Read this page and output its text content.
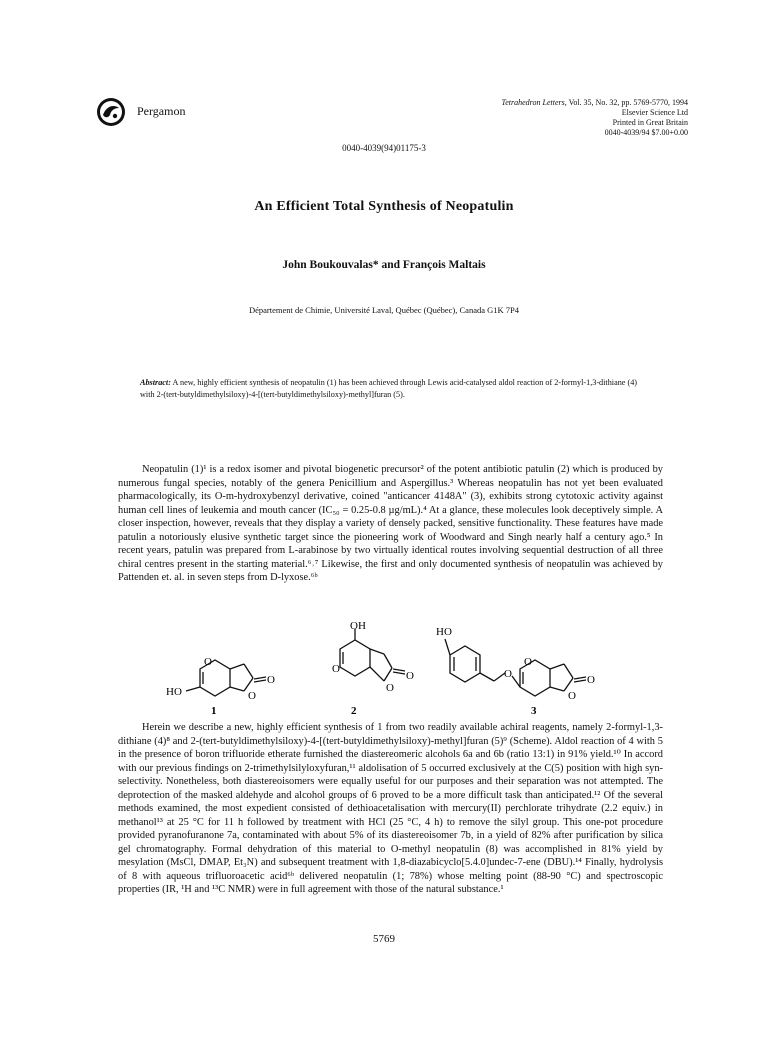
Pergamon
Tetrahedron Letters, Vol. 35, No. 32, pp. 5769-5770, 1994
Elsevier Science Ltd
Printed in Great Britain
0040-4039/94 $7.00+0.00
0040-4039(94)01175-3
An Efficient Total Synthesis of Neopatulin
John Boukouvalas* and François Maltais
Département de Chimie, Université Laval, Québec (Québec), Canada G1K 7P4
Abstract: A new, highly efficient synthesis of neopatulin (1) has been achieved through Lewis acid-catalysed aldol reaction of 2-formyl-1,3-dithiane (4) with 2-(tert-butyldimethylsiloxy)-4-[(tert-butyldimethylsiloxy)-methyl]furan (5).
Neopatulin (1)¹ is a redox isomer and pivotal biogenetic precursor² of the potent antibiotic patulin (2) which is produced by numerous fungal species, notably of the genera Penicillium and Aspergillus.³ Whereas neopatulin has not yet been evaluated pharmacologically, its O-m-hydroxybenzyl derivative, coined "anticancer 4148A" (3), exhibits strong cytotoxic activity against human cell lines of leukemia and mouth cancer (IC₅₀ = 0.25-0.8 µg/mL).⁴ At a glance, these molecules look deceptively simple. A closer inspection, however, reveals that they display a variety of densely packed, sensitive functionality. These features have made patulin a notoriously elusive synthetic target since the pioneering work of Woodward and Singh nearly half a century ago.⁵ In recent years, patulin was prepared from L-arabinose by two virtually identical routes involving sequential destruction of all three chiral centres present in the starting material.⁶˒⁷ Likewise, the first and only documented synthesis of neopatulin was achieved by Pattenden et. al. in seven steps from D-lyxose.⁶ᵇ
O
HO	O
O
1
O
OH
O
O
2
HO
O
O
O
O
3
Herein we describe a new, highly efficient synthesis of 1 from two readily available achiral reagents, namely 2-formyl-1,3-dithiane (4)⁸ and 2-(tert-butyldimethylsiloxy)-4-[(tert-butyldimethylsiloxy)-methyl]furan (5)⁹ (Scheme). Aldol reaction of 4 with 5 in the presence of boron trifluoride etherate furnished the diastereomeric alcohols 6a and 6b (ratio 13:1) in 91% yield.¹⁰ In accord with our previous findings on 2-trimethylsilyloxyfuran,¹¹ aldolisation of 5 occurred exclusively at the C(5) position with high syn-selectivity. Nonetheless, both diastereoisomers were equally useful for our purposes and their separation was not attempted. The deprotection of the masked aldehyde and alcohol groups of 6 proved to be a more difficult task than anticipated.¹² Of the several methods examined, the most expedient consisted of dethioacetalisation with mercury(II) perchlorate trihydrate (2.2 equiv.) in methanol¹³ at 25 °C for 11 h followed by treatment with HCl (25 °C, 4 h) to remove the silyl group. This one-pot procedure provided pyranofuranone 7a, contaminated with about 5% of its diastereoisomer 7b, in a yield of 82% after purification by silica gel chromatography. Formal dehydration of this material to O-methyl neopatulin (8) was accomplished in 81% yield by mesylation (MsCl, DMAP, Et₃N) and subsequent treatment with 1,8-diazabicyclo[5.4.0]undec-7-ene (DBU).¹⁴ Finally, hydrolysis of 8 with aqueous trifluoroacetic acid⁶ᵇ delivered neopatulin (1; 78%) whose melting point (88-90 °C) and spectroscopic properties (IR, ¹H and ¹³C NMR) were in full agreement with those of the natural substance.¹
5769
